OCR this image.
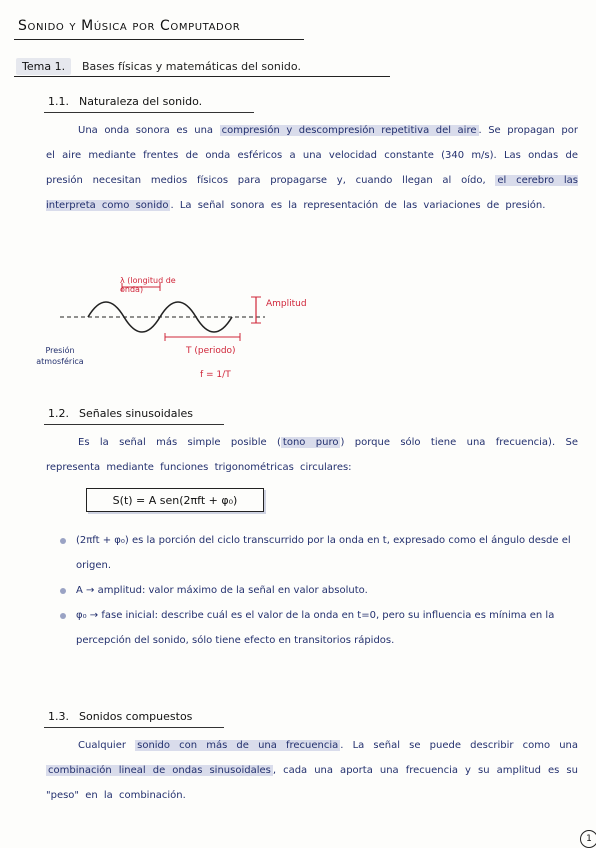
Sonido y Música por Computador
Tema 1.	Bases físicas y matemáticas del sonido.
1.1. Naturaleza del sonido.
Una onda sonora es una compresión y descompresión repetitiva del aire . Se propagan por el aire mediante frentes de onda esféricos a una velocidad constante (340 m/s). Las ondas de presión necesitan medios físicos para propagarse y, cuando llegan al oído, el cerebro las interpreta como sonido . La señal sonora es la representación de las variaciones de presión.
λ (longitud de onda)
Amplitud
Presión atmosférica
T (periodo)
f = 1/T
1.2. Señales sinusoidales
Es la señal más simple posible ( tono puro ) porque sólo tiene una frecuencia). Se representa mediante funciones trigonométricas circulares:
S(t) = A sen(2πft + φ₀)
(2πft + φ₀) es la porción del ciclo transcurrido por la onda en t, expresado como el ángulo desde el origen.
A → amplitud: valor máximo de la señal en valor absoluto.
φ₀ → fase inicial: describe cuál es el valor de la onda en t=0, pero su influencia es mínima en la percepción del sonido, sólo tiene efecto en transitorios rápidos.
1.3. Sonidos compuestos
Cualquier sonido con más de una frecuencia . La señal se puede describir como una combinación lineal de ondas sinusoidales , cada una aporta una frecuencia y su amplitud es su "peso" en la combinación.
1
